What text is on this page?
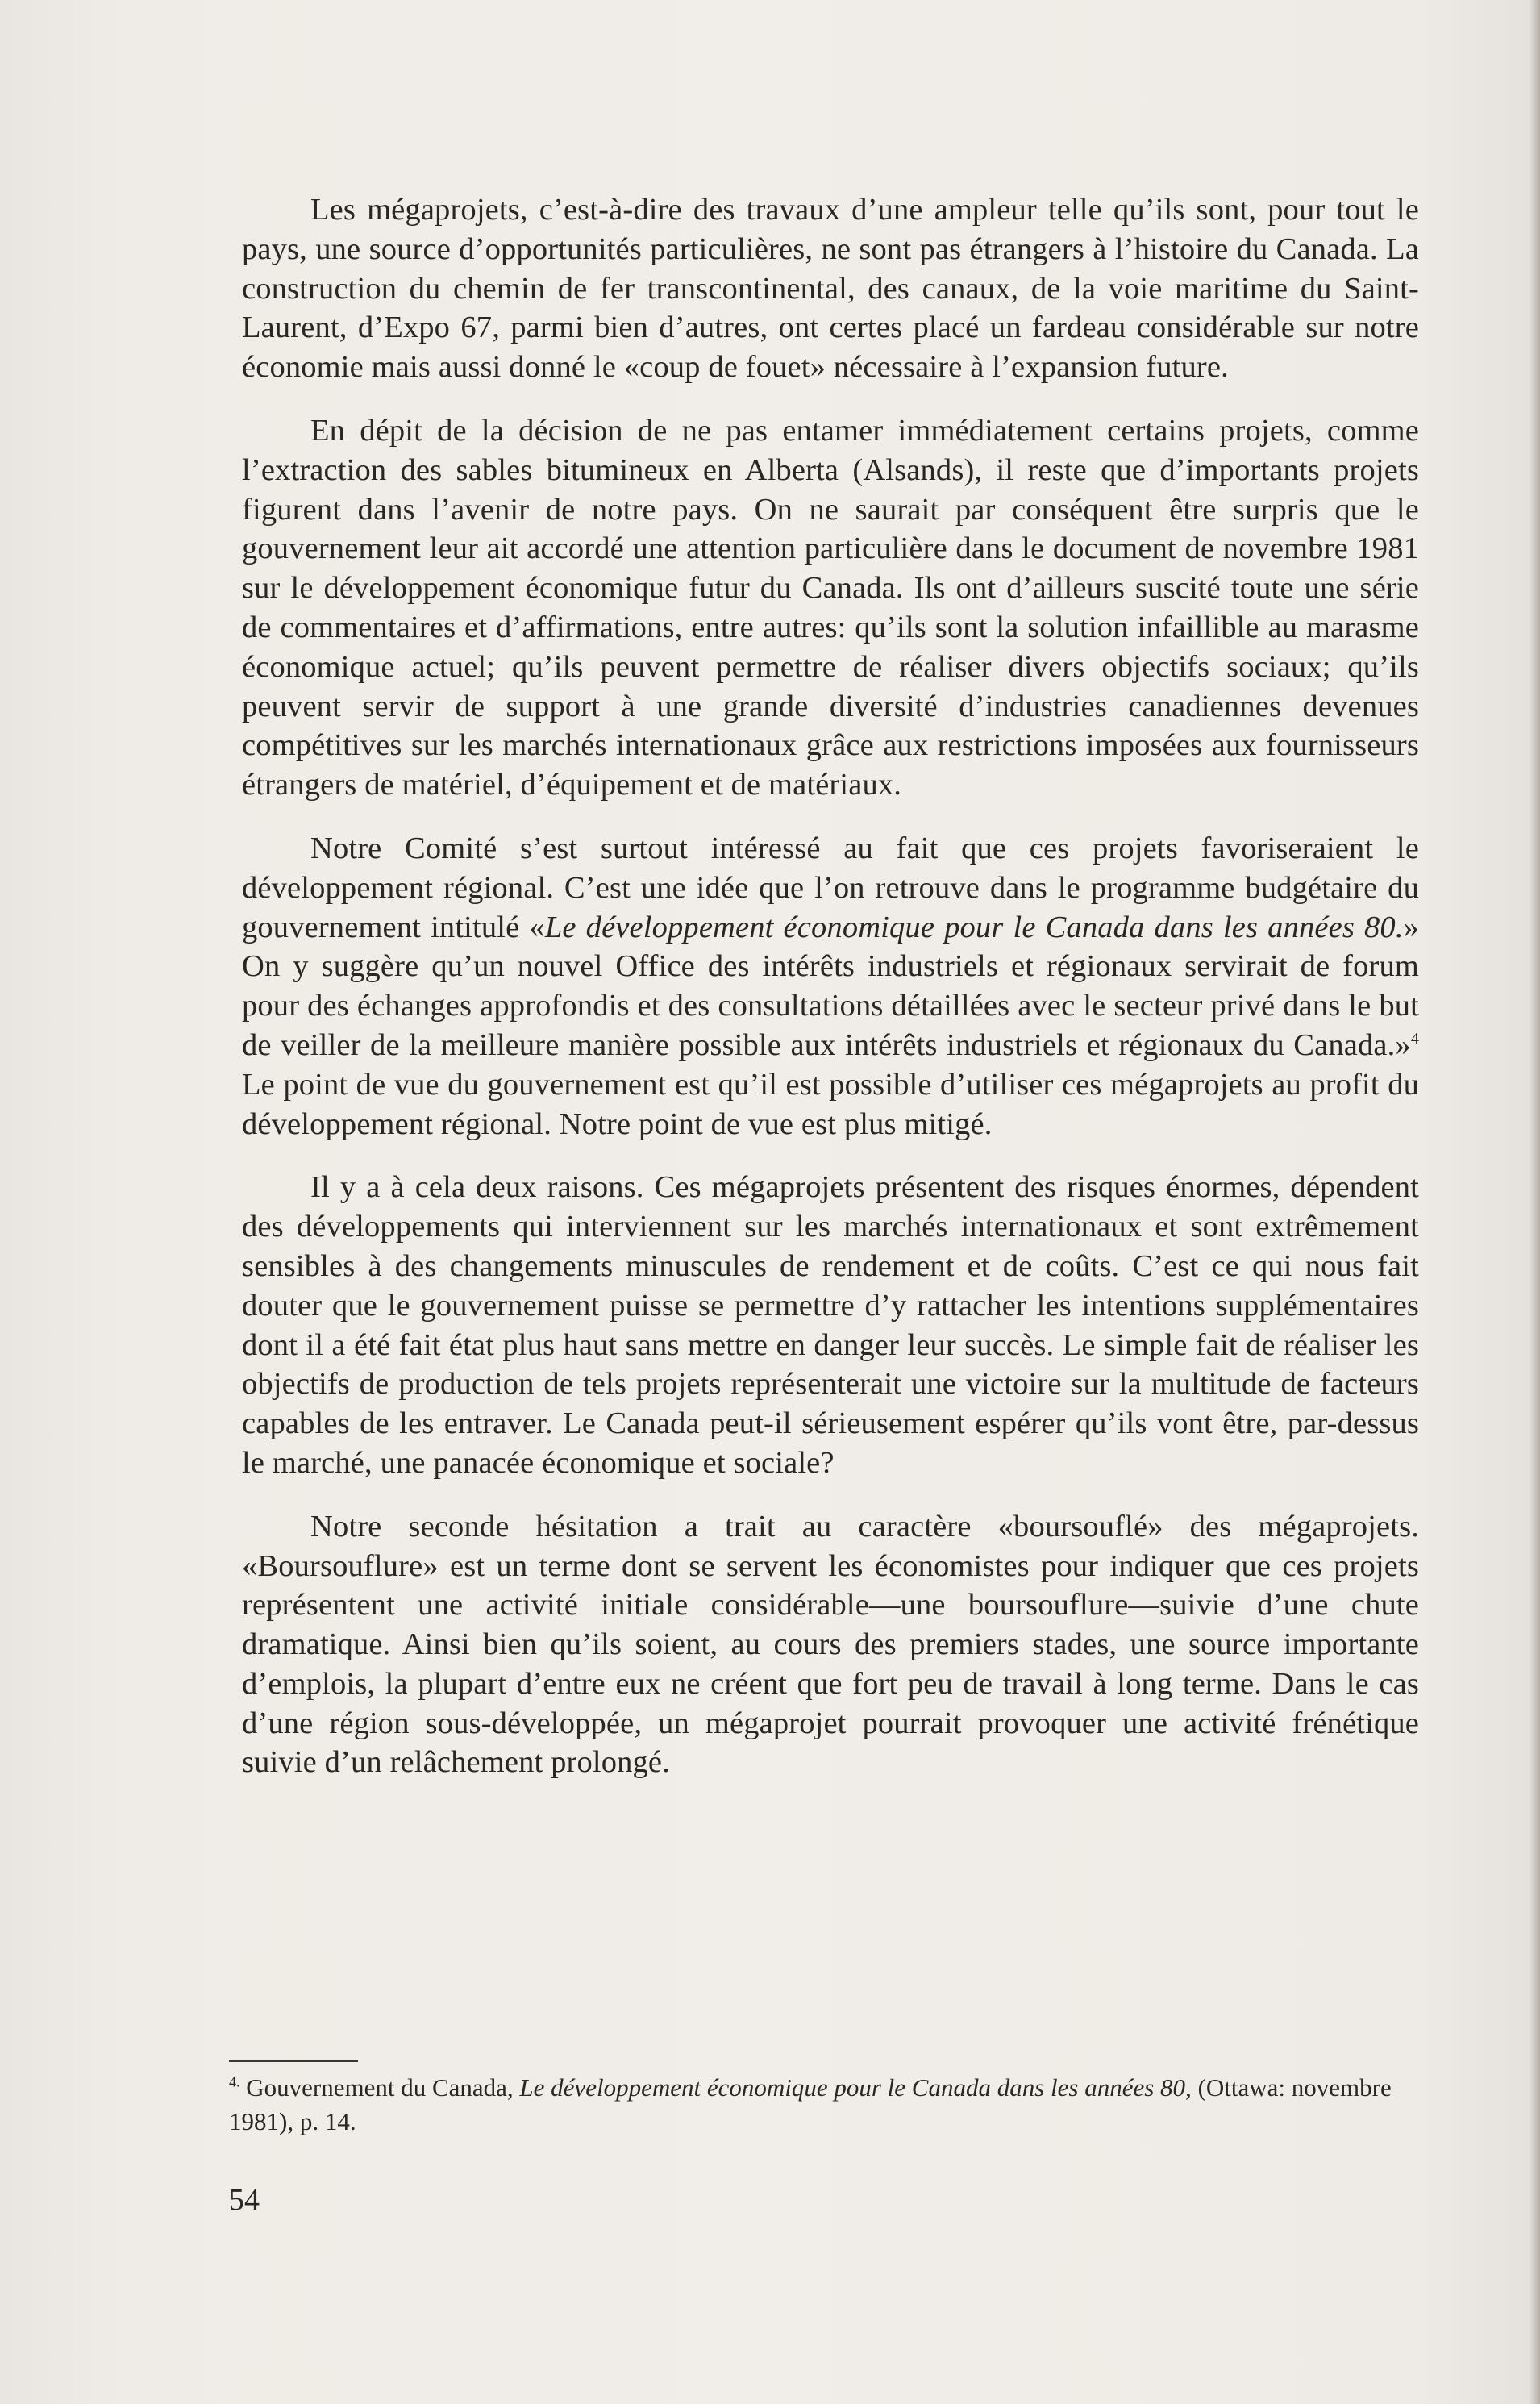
Les mégaprojets, c’est-à-dire des travaux d’une ampleur telle qu’ils sont, pour tout le pays, une source d’opportunités particulières, ne sont pas étrangers à l’histoire du Canada. La construction du chemin de fer transcontinental, des canaux, de la voie maritime du Saint-Laurent, d’Expo 67, parmi bien d’autres, ont certes placé un fardeau considérable sur notre économie mais aussi donné le «coup de fouet» nécessaire à l’expansion future.

En dépit de la décision de ne pas entamer immédiatement certains projets, comme l’extraction des sables bitumineux en Alberta (Alsands), il reste que d’importants projets figurent dans l’avenir de notre pays. On ne saurait par conséquent être surpris que le gouvernement leur ait accordé une attention particulière dans le document de novembre 1981 sur le développement économique futur du Canada. Ils ont d’ailleurs suscité toute une série de commentaires et d’affirmations, entre autres: qu’ils sont la solution infaillible au marasme économique actuel; qu’ils peuvent permettre de réaliser divers objectifs sociaux; qu’ils peuvent servir de support à une grande diversité d’industries canadiennes devenues compétitives sur les marchés internationaux grâce aux restrictions imposées aux fournisseurs étrangers de matériel, d’équipement et de matériaux.

Notre Comité s’est surtout intéressé au fait que ces projets favoriseraient le développement régional. C’est une idée que l’on retrouve dans le programme budgétaire du gouvernement intitulé «Le développement économique pour le Canada dans les années 80.» On y suggère qu’un nouvel Office des intérêts industriels et régionaux servirait de forum pour des échanges approfondis et des consultations détaillées avec le secteur privé dans le but de veiller de la meilleure manière possible aux intérêts industriels et régionaux du Canada.»$^4$ Le point de vue du gouvernement est qu’il est possible d’utiliser ces mégaprojets au profit du développement régional. Notre point de vue est plus mitigé.

Il y a à cela deux raisons. Ces mégaprojets présentent des risques énormes, dépendent des développements qui interviennent sur les marchés internationaux et sont extrêmement sensibles à des changements minuscules de rendement et de coûts. C’est ce qui nous fait douter que le gouvernement puisse se permettre d’y rattacher les intentions supplémentaires dont il a été fait état plus haut sans mettre en danger leur succès. Le simple fait de réaliser les objectifs de production de tels projets représenterait une victoire sur la multitude de facteurs capables de les entraver. Le Canada peut-il sérieusement espérer qu’ils vont être, par-dessus le marché, une panacée économique et sociale?

Notre seconde hésitation a trait au caractère «boursouflé» des mégaprojets. «Boursouflure» est un terme dont se servent les économistes pour indiquer que ces projets représentent une activité initiale considérable—une boursouflure—suivie d’une chute dramatique. Ainsi bien qu’ils soient, au cours des premiers stades, une source importante d’emplois, la plupart d’entre eux ne créent que fort peu de travail à long terme. Dans le cas d’une région sous-développée, un mégaprojet pourrait provoquer une activité frénétique suivie d’un relâchement prolongé.

$^{4.}$ Gouvernement du Canada, Le développement économique pour le Canada dans les années 80, (Ottawa: novembre 1981), p. 14.

54
